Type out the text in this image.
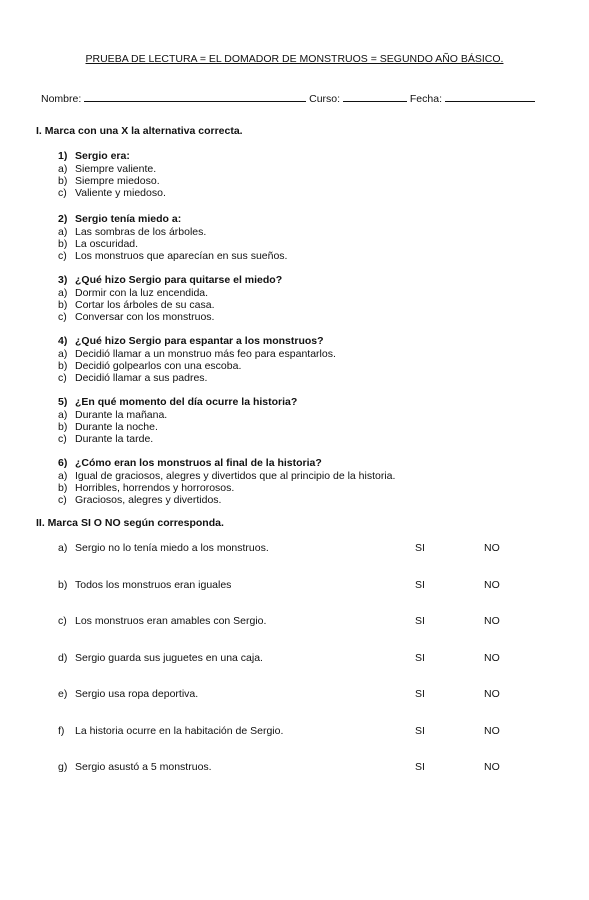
PRUEBA DE LECTURA = EL DOMADOR DE MONSTRUOS = SEGUNDO AÑO BÁSICO.
Nombre:	Curso:	Fecha:
I. Marca con una X la alternativa correcta.
1) Sergio era:
a) Siempre valiente.
b) Siempre miedoso.
c) Valiente y miedoso.
2) Sergio tenía miedo a:
a) Las sombras de los árboles.
b) La oscuridad.
c) Los monstruos que aparecían en sus sueños.
3) ¿Qué hizo Sergio para quitarse el miedo?
a) Dormir con la luz encendida.
b) Cortar los árboles de su casa.
c) Conversar con los monstruos.
4) ¿Qué hizo Sergio para espantar a los monstruos?
a) Decidió llamar a un monstruo más feo para espantarlos.
b) Decidió golpearlos con una escoba.
c) Decidió llamar a sus padres.
5) ¿En qué momento del día ocurre la historia?
a) Durante la mañana.
b) Durante la noche.
c) Durante la tarde.
6) ¿Cómo eran los monstruos al final de la historia?
a) Igual de graciosos, alegres y divertidos que al principio de la historia.
b) Horribles, horrendos y horrorosos.
c) Graciosos, alegres y divertidos.
II. Marca SI O NO según corresponda.
a) Sergio no lo tenía miedo a los monstruos.	SI	NO
b) Todos los monstruos eran iguales	SI	NO
c) Los monstruos eran amables con Sergio.	SI	NO
d) Sergio guarda sus juguetes en una caja.	SI	NO
e) Sergio usa ropa deportiva.	SI	NO
f) La historia ocurre en la habitación de Sergio.	SI	NO
g) Sergio asustó a 5 monstruos.	SI	NO
